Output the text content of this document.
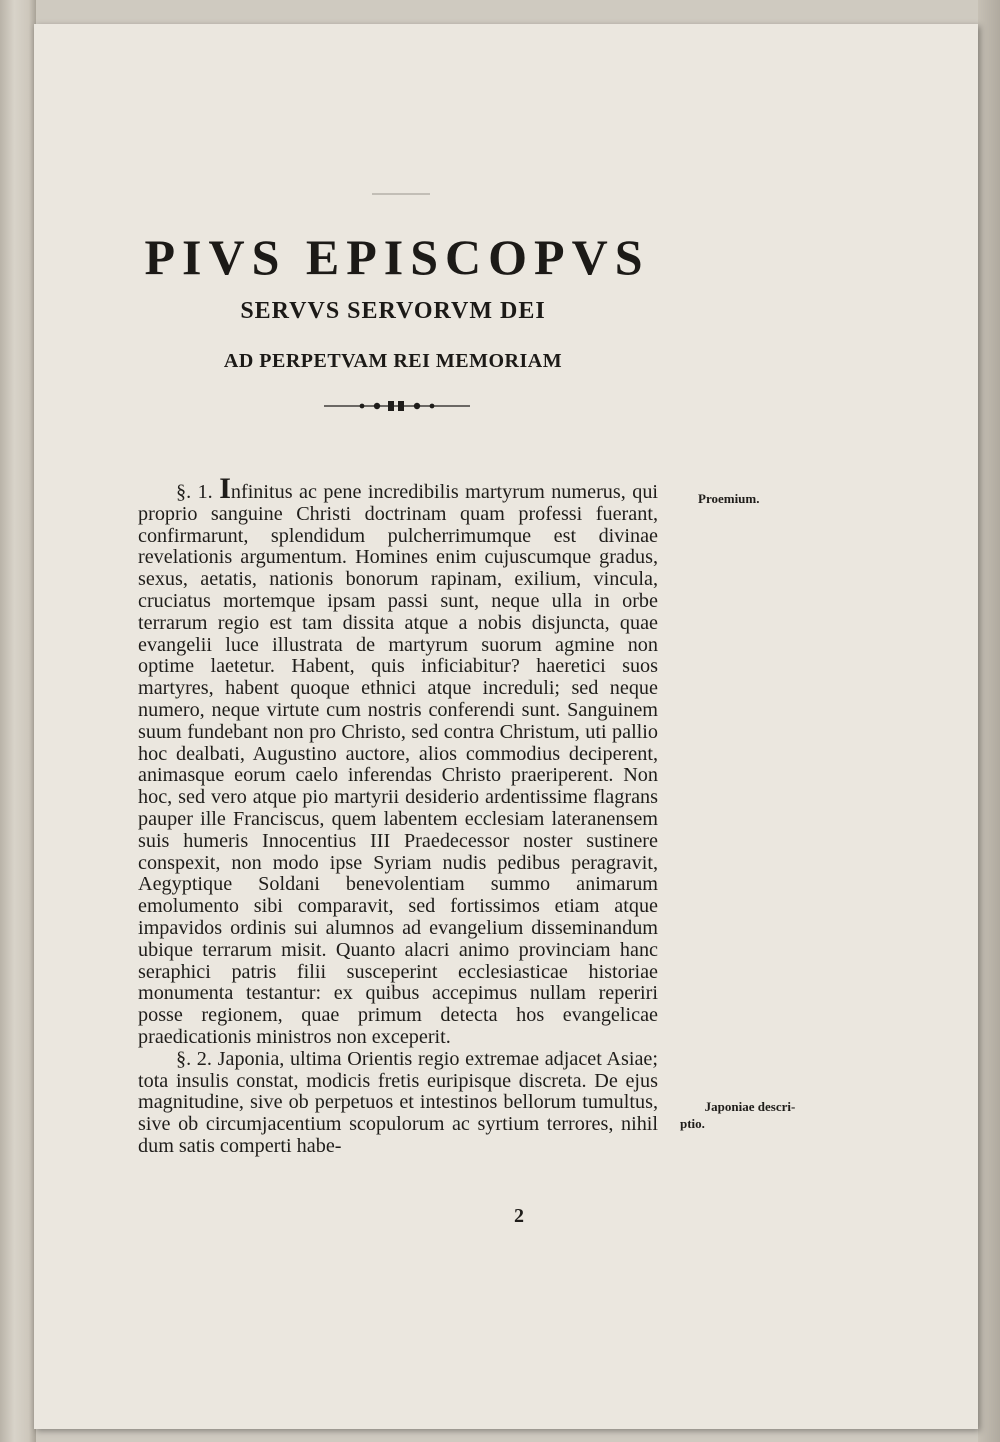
PIVS EPISCOPVS
SERVVS SERVORVM DEI
AD PERPETVAM REI MEMORIAM

§. 1. Infinitus ac pene incredibilis martyrum numerus, qui proprio sanguine Christi doctrinam quam professi fuerant, confirmarunt, splendidum pulcherrimumque est divinae revelationis argumentum. Homines enim cujuscumque gradus, sexus, aetatis, nationis bonorum rapinam, exilium, vincula, cruciatus mortemque ipsam passi sunt, neque ulla in orbe terrarum regio est tam dissita atque a nobis disjuncta, quae evangelii luce illustrata de martyrum suorum agmine non optime laetetur. Habent, quis inficiabitur? haeretici suos martyres, habent quoque ethnici atque increduli; sed neque numero, neque virtute cum nostris conferendi sunt. Sanguinem suum fundebant non pro Christo, sed contra Christum, uti pallio hoc dealbati, Augustino auctore, alios commodius deciperent, animasque eorum caelo inferendas Christo praeriperent. Non hoc, sed vero atque pio martyrii desiderio ardentissime flagrans pauper ille Franciscus, quem labentem ecclesiam lateranensem suis humeris Innocentius III Praedecessor noster sustinere conspexit, non modo ipse Syriam nudis pedibus peragravit, Aegyptique Soldani benevolentiam summo animarum emolumento sibi comparavit, sed fortissimos etiam atque impavidos ordinis sui alumnos ad evangelium disseminandum ubique terrarum misit. Quanto alacri animo provinciam hanc seraphici patris filii susceperint ecclesiasticae historiae monumenta testantur: ex quibus accepimus nullam reperiri posse regionem, quae primum detecta hos evangelicae praedicationis ministros non exceperit.

§. 2. Japonia, ultima Orientis regio extremae adjacet Asiae; tota insulis constat, modicis fretis euripisque discreta. De ejus magnitudine, sive ob perpetuos et intestinos bellorum tumultus, sive ob circumjacentium scopulorum ac syrtium terrores, nihil dum satis comperti habe-

Proemium.
Japoniae descri-
ptio.
2
